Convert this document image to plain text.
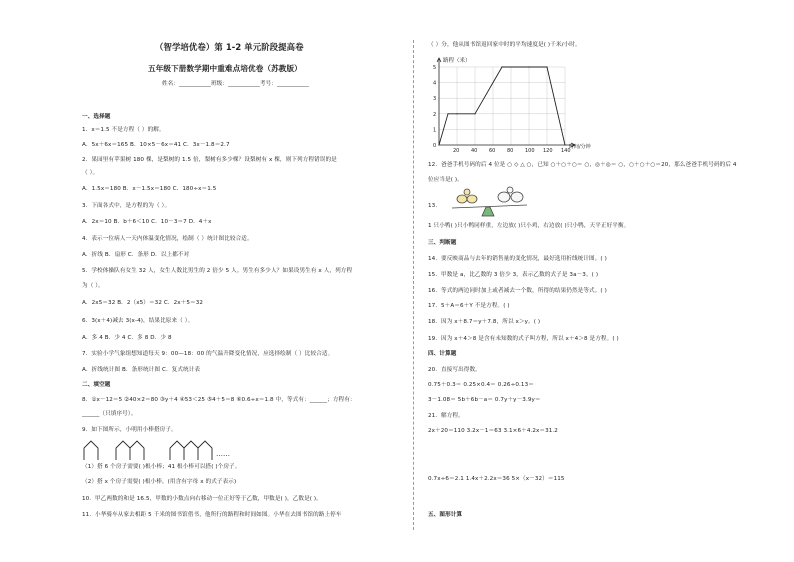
（智学培优卷）第 1-2 单元阶段提高卷
五年级下册数学期中重难点培优卷（苏教版）
姓名：___________班级：___________考号：___________
一、选择题
1．x＝1.5 不是方程（ ）的解。
A．5x＋6x＝165 B．10×5－6x＝41 C．3x－1.8＝2.7
2．果园里有苹果树 180 棵，是梨树的 1.5 倍，梨树有多少棵？设梨树有 x 棵，则下列方程错误的是
（ ）。
A．1.5x＝180 B．x－1.5x＝180 C．180÷x＝1.5
3．下面各式中，是方程的为（ ）。
A．2x＝10 B．b＋6＜10 C．10－3＝7 D．4＋x
4．表示一位病人一天内体温变化情况，绘制（ ）统计图比较合适。
A．折线 B．扇形 C．条形 D．以上都不对
5．学校体操队有女生 32 人，女生人数比男生的 2 倍少 5 人。男生有多少人？如果设男生有 x 人，列方程
为（ ）。
A．2x5＝32 B．2（x5）＝32 C．2x＋5＝32
6．3(x＋4)减去 3(x-4)，结果比原来（ ）。
A．多 4 B．少 4 C．多 8 D．少 8
7．实验小学气象组想知道每天 9：00—18：00 的气温升降变化情况，应选择绘制（ ）比较合适。
A．折线统计图 B．条形统计图 C．复式统计表
二、填空题
8．①x－12＝5 ②40×2＝80 ③y＋4 ④53＜25 ⑤4＋5＝8 ⑥0.6÷x＝1.8 中，等式有：______；方程有：
______（只填序号）。
9．如下图所示，小明用小棒搭房子。
（1）搭 6 个房子需要( )根小棒；41 根小棒可以搭( )个房子。
（2）搭 x 个房子需要( )根小棒。(用含有字母 x 的式子表示)
10．甲乙两数的和是 16.5，甲数的小数点向右移动一位正好等于乙数，甲数是( )，乙数是( )。
11．小华骑车从家去相距 5 千米的图书馆借书，他所行的路程和时间如图。小华在去图书馆的路上停车
……
（ ）分，他从图书馆返回家中时的平均速度是( )千米/小时。
12．爸爸手机号码的后 4 位是 ○ ◇ △ ○，已知 ○＋○＋○＝ ○，◎＋◎＝ ○，○＋○＋○＝20，那么爸爸手机号码的后 4
位应当是( )。
13．
1 只小鸭( )只小鸭同样重，左边放( )只小鸡，右边放( )只小鸭，天平正好平衡。
三、判断题
14．要反映商品与去年的销售量的变化情况，最好选用折线统计图。( )
15．甲数是 a，比乙数的 3 倍少 3，表示乙数的式子是 3a－3。( )
16．等式的两边同时加上或者减去一个数，所得的结果仍然是等式。( )
17．5＋A＝6＋Y 不是方程。( )
18．因为 x＋8.7＝y＋7.8，所以 x＞y。( )
19．因为 x＋4＞8 是含有未知数的式子叫方程，所以 x＋4＞8 是方程。( )
四、计算题
20．直接写出得数。
0.75＋0.3＝ 0.25×0.4＝ 0.26÷0.13＝
3－1.08＝ 5b＋6b－a＝ 0.7y＋y－3.9y＝
21．解方程。
2x＋20＝110 3.2x－1＝63 3.1×6＋4.2x＝31.2
0.7x÷6＝2.1 1.4x＋2.2x＝36 5×（x－32）＝115
五、图形计算
路程（米）
时间/分钟
5
4
3
2
1
0
20 40 60 80 100 120 140
